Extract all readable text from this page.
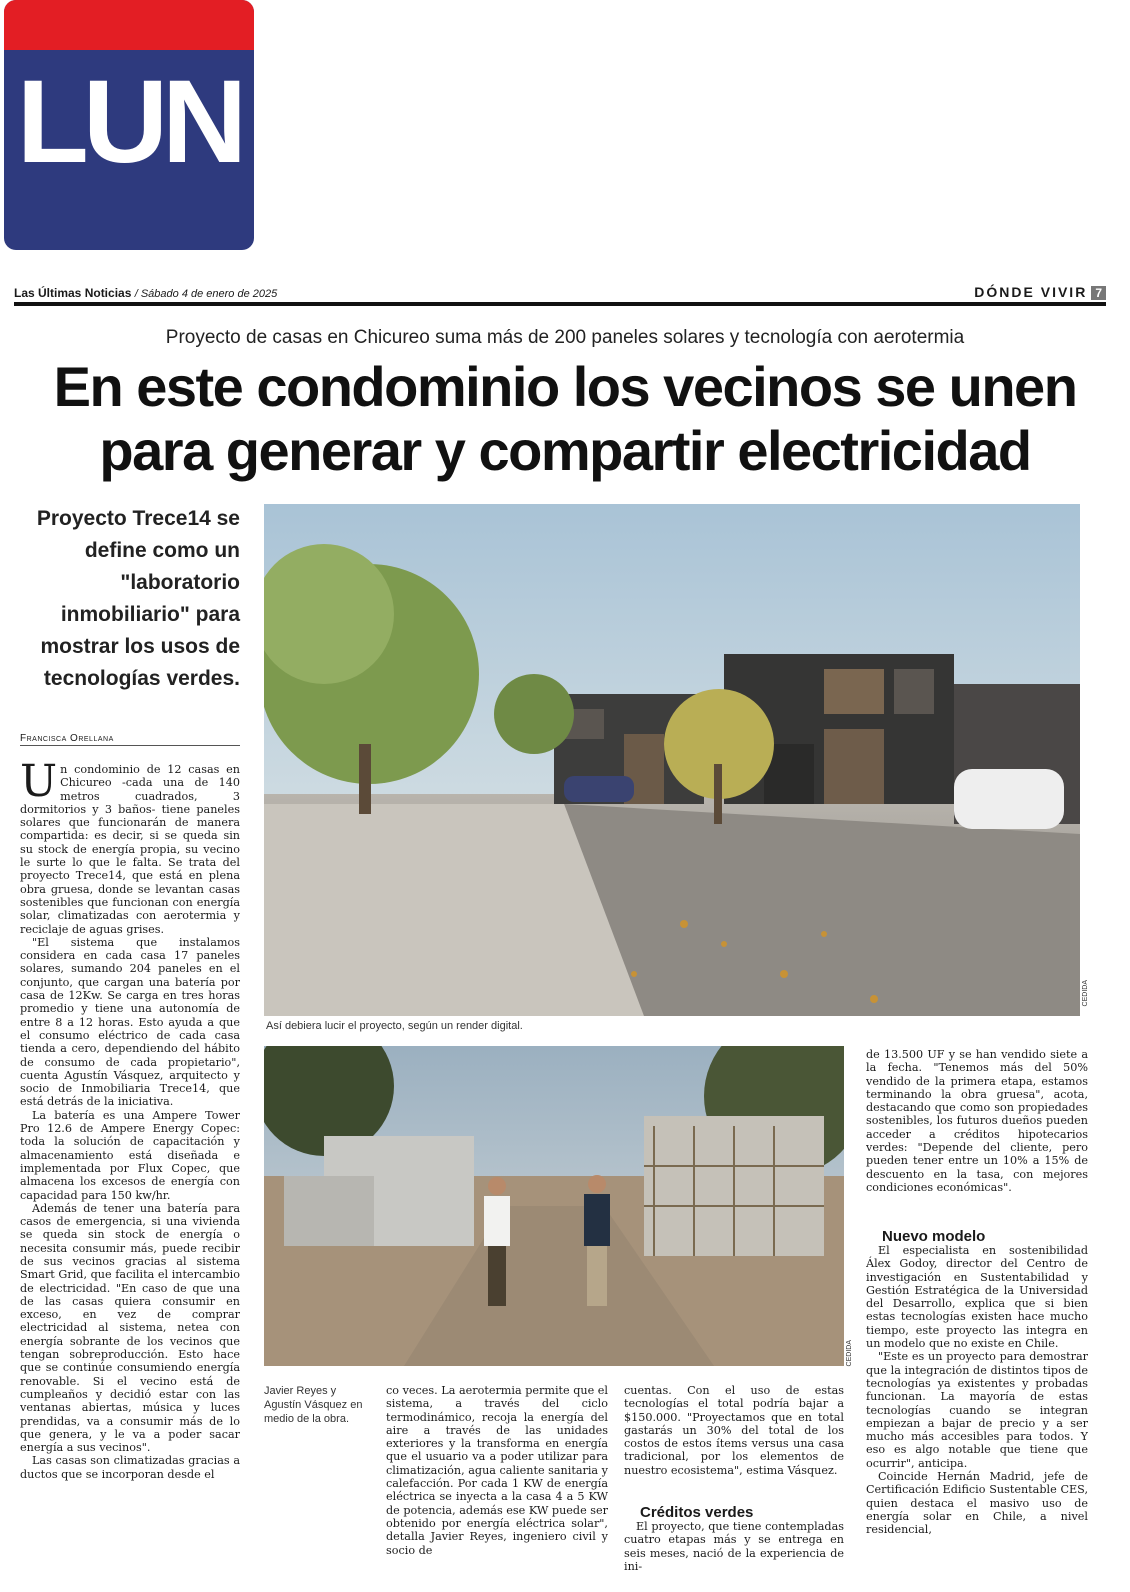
LUN
Las Últimas Noticias / Sábado 4 de enero de 2025	DÓNDE VIVIR 7
Proyecto de casas en Chicureo suma más de 200 paneles solares y tecnología con aerotermia
En este condominio los vecinos se unen
para generar y compartir electricidad
Proyecto Trece14 se define como un "laboratorio inmobiliario" para mostrar los usos de tecnologías verdes.
Francisca Orellana

Un condominio de 12 casas en Chicureo -cada una de 140 metros cuadrados, 3 dormitorios y 3 baños- tiene paneles solares que funcionarán de manera compartida: es decir, si se queda sin su stock de energía propia, su vecino le surte lo que le falta. Se trata del proyecto Trece14, que está en plena obra gruesa, donde se levantan casas sostenibles que funcionan con energía solar, climatizadas con aerotermia y reciclaje de aguas grises.

"El sistema que instalamos considera en cada casa 17 paneles solares, sumando 204 paneles en el conjunto, que cargan una batería por casa de 12Kw. Se carga en tres horas promedio y tiene una autonomía de entre 8 a 12 horas. Esto ayuda a que el consumo eléctrico de cada casa tienda a cero, dependiendo del hábito de consumo de cada propietario", cuenta Agustín Vásquez, arquitecto y socio de Inmobiliaria Trece14, que está detrás de la iniciativa.

La batería es una Ampere Tower Pro 12.6 de Ampere Energy Copec: toda la solución de capacitación y almacenamiento está diseñada e implementada por Flux Copec, que almacena los excesos de energía con capacidad para 150 kw/hr.

Además de tener una batería para casos de emergencia, si una vivienda se queda sin stock de energía o necesita consumir más, puede recibir de sus vecinos gracias al sistema Smart Grid, que facilita el intercambio de electricidad. "En caso de que una de las casas quiera consumir en exceso, en vez de comprar electricidad al sistema, netea con energía sobrante de los vecinos que tengan sobreproducción. Esto hace que se continúe consumiendo energía renovable. Si el vecino está de cumpleaños y decidió estar con las ventanas abiertas, música y luces prendidas, va a consumir más de lo que genera, y le va a poder sacar energía a sus vecinos".

Las casas son climatizadas gracias a ductos que se incorporan desde el

Así debiera lucir el proyecto, según un render digital.
CEDIDA
Javier Reyes y Agustín Vásquez en medio de la obra.
CEDIDA

co veces. La aerotermia permite que el sistema, a través del ciclo termodinámico, recoja la energía del aire a través de las unidades exteriores y la transforma en energía que el usuario va a poder utilizar para climatización, agua caliente sanitaria y calefacción. Por cada 1 KW de energía eléctrica se inyecta a la casa 4 a 5 KW de potencia, además ese KW puede ser obtenido por energía eléctrica solar", detalla Javier Reyes, ingeniero civil y socio de

cuentas. Con el uso de estas tecnologías el total podría bajar a $150.000. "Proyectamos que en total gastarás un 30% del total de los costos de estos ítems versus una casa tradicional, por los elementos de nuestro ecosistema", estima Vásquez.

Créditos verdes

El proyecto, que tiene contempladas cuatro etapas más y se entrega en seis meses, nació de la experiencia de ini-

de 13.500 UF y se han vendido siete a la fecha. "Tenemos más del 50% vendido de la primera etapa, estamos terminando la obra gruesa", acota, destacando que como son propiedades sostenibles, los futuros dueños pueden acceder a créditos hipotecarios verdes: "Depende del cliente, pero pueden tener entre un 10% a 15% de descuento en la tasa, con mejores condiciones económicas".

Nuevo modelo

El especialista en sostenibilidad Álex Godoy, director del Centro de investigación en Sustentabilidad y Gestión Estratégica de la Universidad del Desarrollo, explica que si bien estas tecnologías existen hace mucho tiempo, este proyecto las integra en un modelo que no existe en Chile.

"Este es un proyecto para demostrar que la integración de distintos tipos de tecnologías ya existentes y probadas funcionan. La mayoría de estas tecnologías cuando se integran empiezan a bajar de precio y a ser mucho más accesibles para todos. Y eso es algo notable que tiene que ocurrir", anticipa.

Coincide Hernán Madrid, jefe de Certificación Edificio Sustentable CES, quien destaca el masivo uso de energía solar en Chile, a nivel residencial,
